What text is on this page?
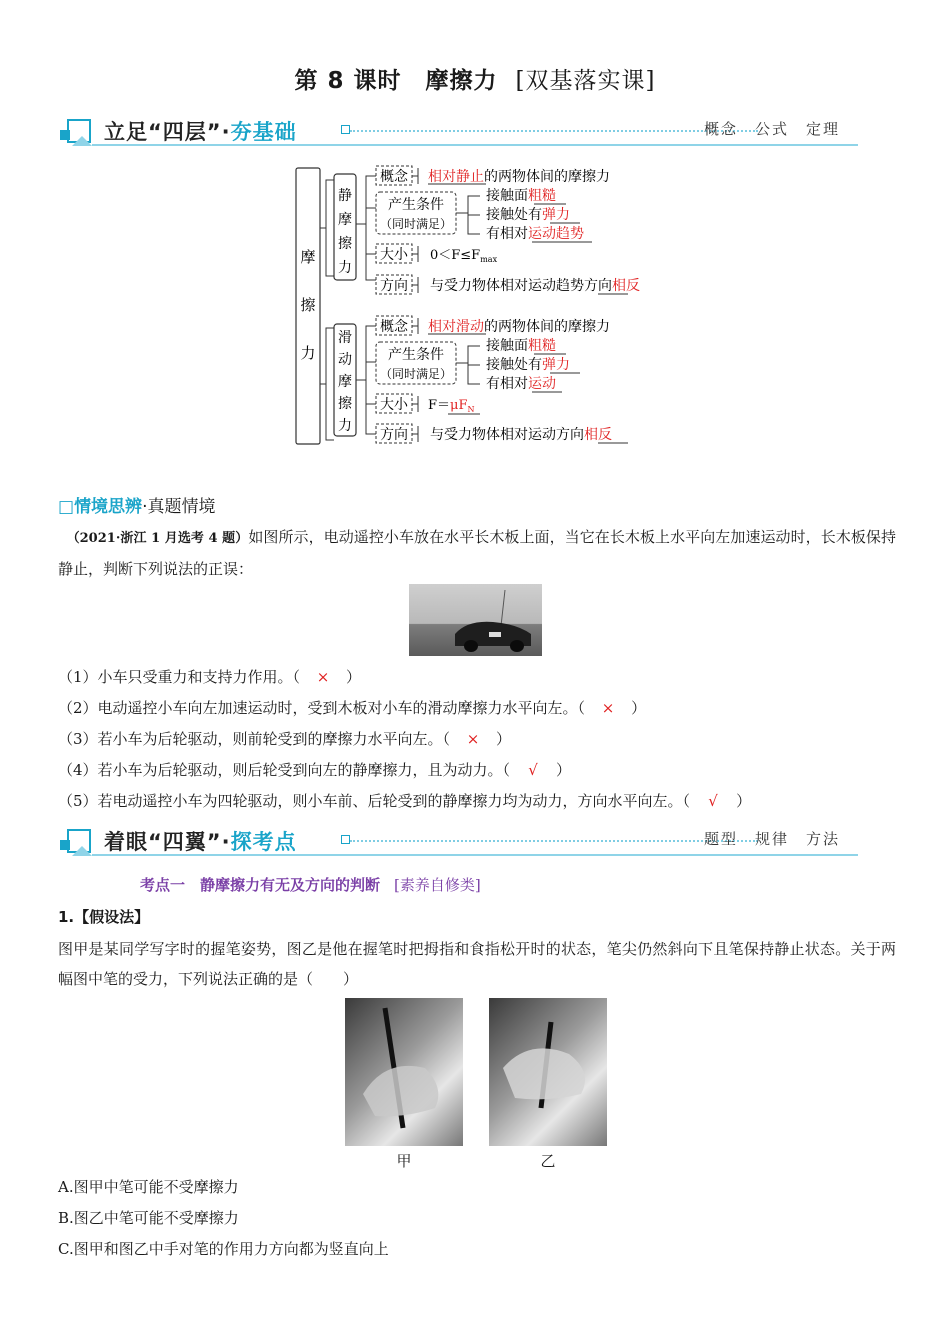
第 8 课时　摩擦力 [双基落实课]
立足“四层”·夯基础	概念　公式　定理
摩
擦
力
静
摩
擦
力
概念 相对静止的两物体间的摩擦力
产生条件
（同时满足）
接触面粗糙
接触处有弹力
有相对运动趋势
大小 $0<F\le F_{max}$
方向 与受力物体相对运动趋势方向相反
滑
动
摩
擦
力
概念 相对滑动的两物体间的摩擦力
产生条件
（同时满足）
接触面粗糙
接触处有弹力
有相对运动
大小 $F=\mu F_N$
方向 与受力物体相对运动方向相反
□情境思辨·真题情境
　（2021·浙江 1 月选考 4 题）如图所示，电动遥控小车放在水平长木板上面，当它在长木板上水平向左加速运动时，长木板保持静止，判断下列说法的正误：
（1）小车只受重力和支持力作用。（ × ）
（2）电动遥控小车向左加速运动时，受到木板对小车的滑动摩擦力水平向左。（ × ）
（3）若小车为后轮驱动，则前轮受到的摩擦力水平向左。（ × ）
（4）若小车为后轮驱动，则后轮受到向左的静摩擦力，且为动力。（ √ ）
（5）若电动遥控小车为四轮驱动，则小车前、后轮受到的静摩擦力均为动力，方向水平向左。（ √ ）
着眼“四翼”·探考点	题型　规律　方法
考点一　静摩擦力有无及方向的判断 [素养自修类]
1.【假设法】
图甲是某同学写字时的握笔姿势，图乙是他在握笔时把拇指和食指松开时的状态，笔尖仍然斜向下且笔保持静止状态。关于两幅图中笔的受力，下列说法正确的是（　　）
甲	乙
A.图甲中笔可能不受摩擦力
B.图乙中笔可能不受摩擦力
C.图甲和图乙中手对笔的作用力方向都为竖直向上
